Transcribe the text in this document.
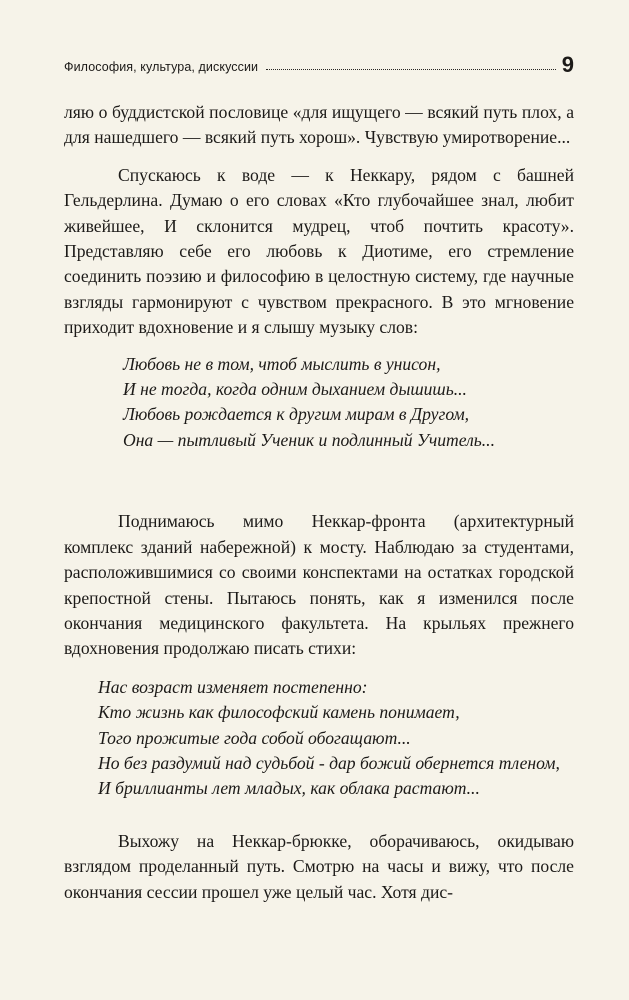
Философия, культура, дискуссии	9

ляю о буддистской пословице «для ищущего — всякий путь плох, а для нашедшего — всякий путь хорош». Чувствую умиротворение...

Спускаюсь к воде — к Неккару, рядом с башней Гельдерлина. Думаю о его словах «Кто глубочайшее знал, любит живейшее, И склонится мудрец, чтоб почтить красоту». Представляю себе его любовь к Диотиме, его стремление соединить поэзию и философию в целостную систему, где научные взгляды гармонируют с чувством прекрасного. В это мгновение приходит вдохновение и я слышу музыку слов:

Любовь не в том, чтоб мыслить в унисон,
И не тогда, когда одним дыханием дышишь...
Любовь рождается к другим мирам в Другом,
Она — пытливый Ученик и подлинный Учитель...

Поднимаюсь мимо Неккар-фронта (архитектурный комплекс зданий набережной) к мосту. Наблюдаю за студентами, расположившимися со своими конспектами на остатках городской крепостной стены. Пытаюсь понять, как я изменился после окончания медицинского факультета. На крыльях прежнего вдохновения продолжаю писать стихи:

Нас возраст изменяет постепенно:
Кто жизнь как философский камень понимает,
Того прожитые года собой обогащают...
Но без раздумий над судьбой - дар божий обернется тленом,
И бриллианты лет младых, как облака растают...

Выхожу на Неккар-брюкке, оборачиваюсь, окидываю взглядом проделанный путь. Смотрю на часы и вижу, что после окончания сессии прошел уже целый час. Хотя дис-
